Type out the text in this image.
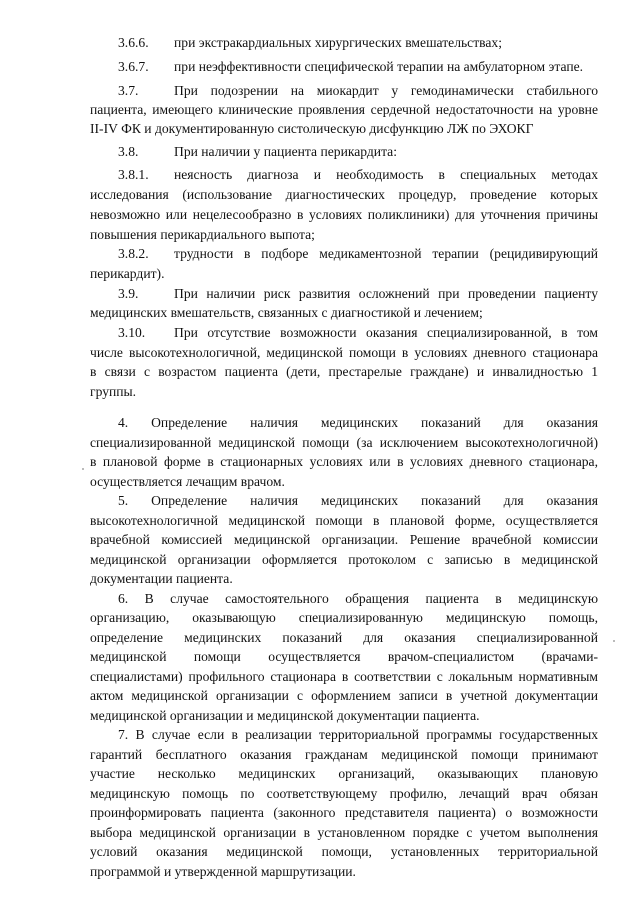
3.6.6. при экстракардиальных хирургических вмешательствах;
3.6.7. при неэффективности специфической терапии на амбулаторном этапе.
3.7.	При подозрении на миокардит у гемодинамически стабильного
пациента, имеющего клинические проявления сердечной недостаточности на уровне
II-IV ФК и документированную систолическую дисфункцию ЛЖ по ЭХОКГ
3.8.	При наличии у пациента перикардита:
3.8.1. неясность диагноза и необходимость в специальных методах
исследования (использование диагностических процедур, проведение которых
невозможно или нецелесообразно в условиях поликлиники) для уточнения причины
повышения перикардиального выпота;
3.8.2. трудности в подборе медикаментозной терапии (рецидивирующий
перикардит).
3.9.	При наличии риск развития осложнений при проведении пациенту
медицинских вмешательств, связанных с диагностикой и лечением;
3.10. При отсутствие возможности оказания специализированной, в том
числе высокотехнологичной, медицинской помощи в условиях дневного стационара
в связи с возрастом пациента (дети, престарелые граждане) и инвалидностью 1
группы.
4. Определение наличия медицинских показаний для оказания
специализированной медицинской помощи (за исключением высокотехнологичной)
в плановой форме в стационарных условиях или в условиях дневного стационара,
осуществляется лечащим врачом.
5. Определение наличия медицинских показаний для оказания
высокотехнологичной медицинской помощи в плановой форме, осуществляется
врачебной комиссией медицинской организации. Решение врачебной комиссии
медицинской организации оформляется протоколом с записью в медицинской
документации пациента.
6. В случае самостоятельного обращения пациента в медицинскую
организацию, оказывающую специализированную медицинскую помощь,
определение медицинских показаний для оказания специализированной
медицинской помощи осуществляется врачом-специалистом (врачами-
специалистами) профильного стационара в соответствии с локальным нормативным
актом медицинской организации с оформлением записи в учетной документации
медицинской организации и медицинской документации пациента.
7. В случае если в реализации территориальной программы государственных
гарантий бесплатного оказания гражданам медицинской помощи принимают
участие несколько медицинских организаций, оказывающих плановую
медицинскую помощь по соответствующему профилю, лечащий врач обязан
проинформировать пациента (законного представителя пациента) о возможности
выбора медицинской организации в установленном порядке с учетом выполнения
условий оказания медицинской помощи, установленных территориальной
программой и утвержденной маршрутизации.
